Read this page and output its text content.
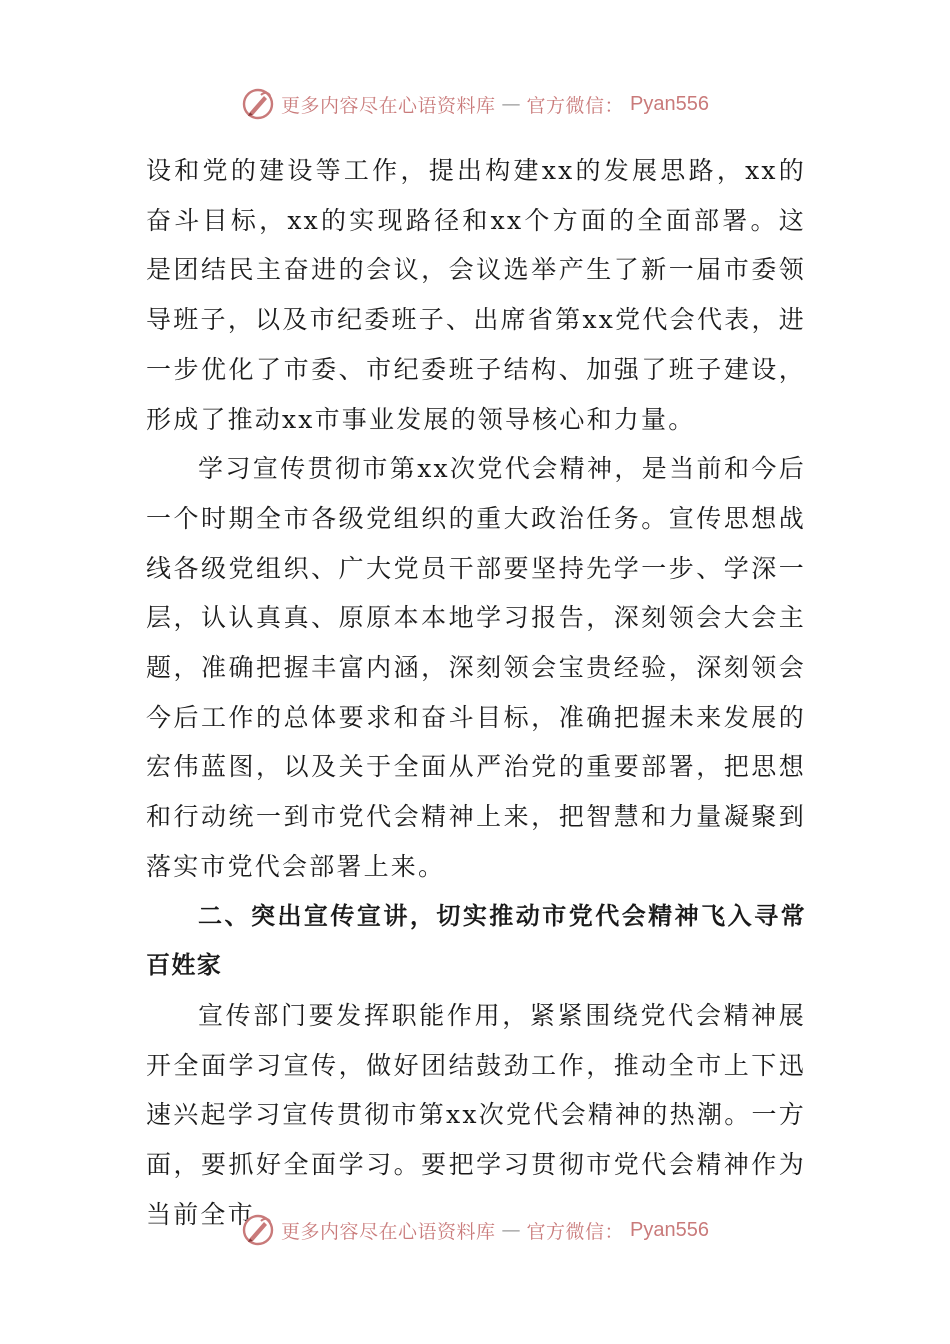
更多内容尽在心语资料库 — 官方微信： Pyan556

设和党的建设等工作，提出构建xx的发展思路，xx的奋斗目标，xx的实现路径和xx个方面的全面部署。这是团结民主奋进的会议，会议选举产生了新一届市委领导班子，以及市纪委班子、出席省第xx党代会代表，进一步优化了市委、市纪委班子结构、加强了班子建设，形成了推动xx市事业发展的领导核心和力量。

学习宣传贯彻市第xx次党代会精神，是当前和今后一个时期全市各级党组织的重大政治任务。宣传思想战线各级党组织、广大党员干部要坚持先学一步、学深一层，认认真真、原原本本地学习报告，深刻领会大会主题，准确把握丰富内涵，深刻领会宝贵经验，深刻领会今后工作的总体要求和奋斗目标，准确把握未来发展的宏伟蓝图，以及关于全面从严治党的重要部署，把思想和行动统一到市党代会精神上来，把智慧和力量凝聚到落实市党代会部署上来。

二、突出宣传宣讲，切实推动市党代会精神飞入寻常百姓家

宣传部门要发挥职能作用，紧紧围绕党代会精神展开全面学习宣传，做好团结鼓劲工作，推动全市上下迅速兴起学习宣传贯彻市第xx次党代会精神的热潮。一方面，要抓好全面学习。要把学习贯彻市党代会精神作为当前全市

更多内容尽在心语资料库 — 官方微信： Pyan556
